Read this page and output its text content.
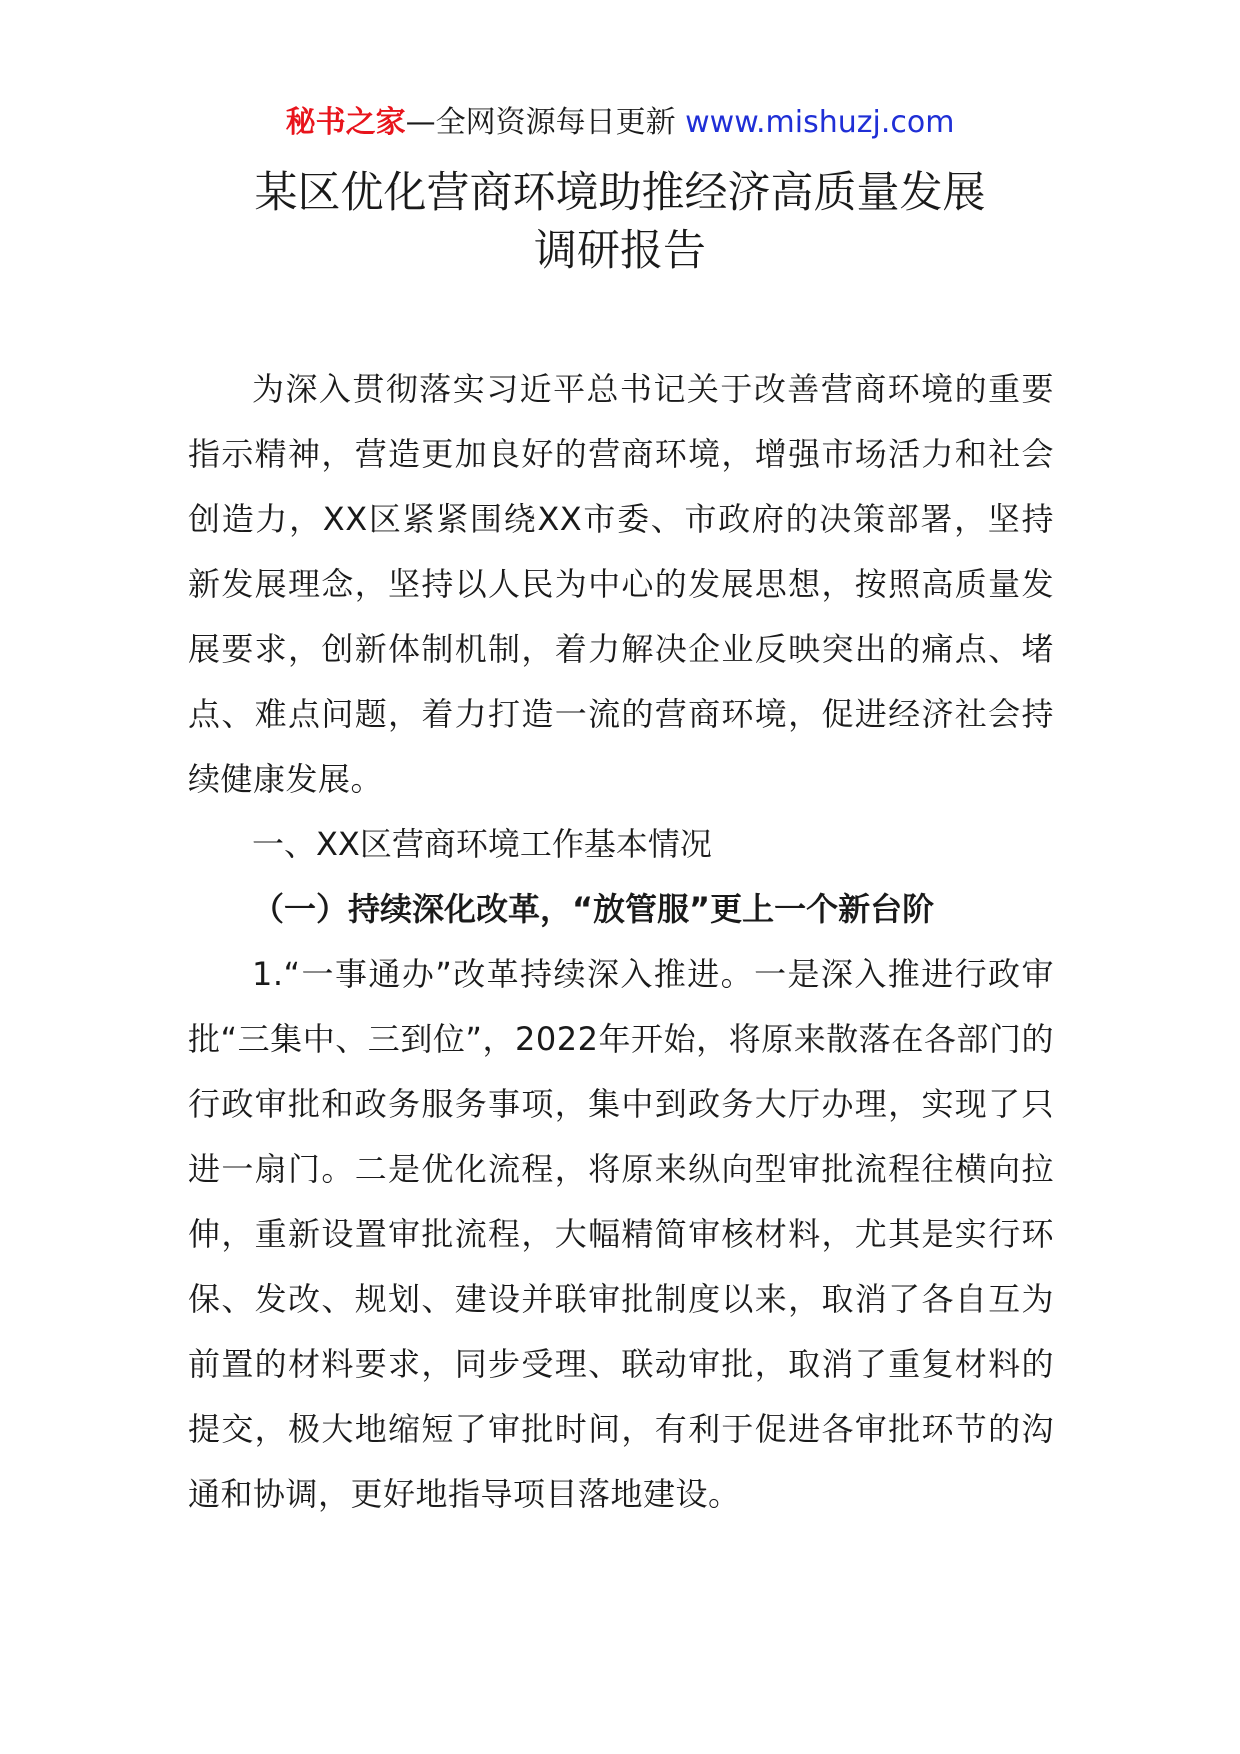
秘书之家—全网资源每日更新 www.mishuzj.com
某区优化营商环境助推经济高质量发展
调研报告

为深入贯彻落实习近平总书记关于改善营商环境的重要指示精神，营造更加良好的营商环境，增强市场活力和社会创造力，XX区紧紧围绕XX市委、市政府的决策部署，坚持新发展理念，坚持以人民为中心的发展思想，按照高质量发展要求，创新体制机制，着力解决企业反映突出的痛点、堵点、难点问题，着力打造一流的营商环境，促进经济社会持续健康发展。

一、XX区营商环境工作基本情况

（一）持续深化改革，“放管服”更上一个新台阶

1.“一事通办”改革持续深入推进。一是深入推进行政审批“三集中、三到位”，2022年开始，将原来散落在各部门的行政审批和政务服务事项，集中到政务大厅办理，实现了只进一扇门。二是优化流程，将原来纵向型审批流程往横向拉伸，重新设置审批流程，大幅精简审核材料，尤其是实行环保、发改、规划、建设并联审批制度以来，取消了各自互为前置的材料要求，同步受理、联动审批，取消了重复材料的提交，极大地缩短了审批时间，有利于促进各审批环节的沟通和协调，更好地指导项目落地建设。
